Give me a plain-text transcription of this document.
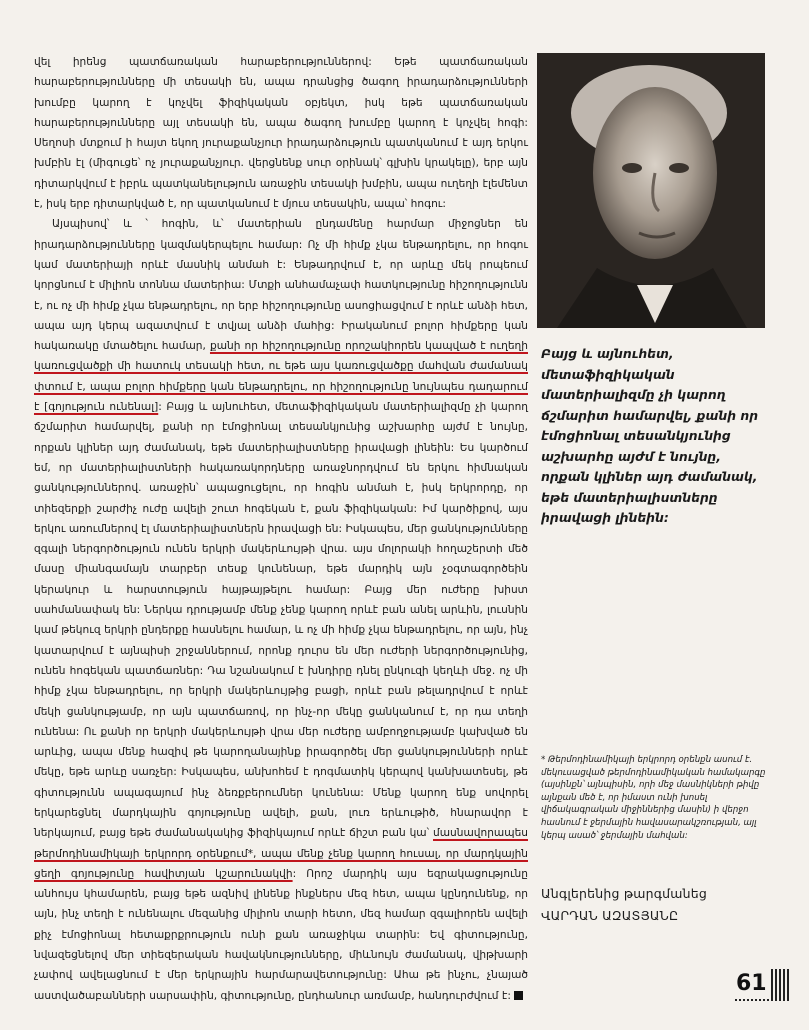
վել իրենց պատճառական հարաբերություններով: Եթե պատճառական հարաբերությունները մի տեսակի են, ապա դրանցից ծագող իրադարձությունների խումբը կարող է կոչվել ֆիզիկական օբյեկտ, իսկ եթե պատճառական հարաբերությունները այլ տեսակի են, ապա ծագող խումբը կարող է կոչվել հոգի: Սեղոսի մտքում ի հայտ եկող յուրաքանչյուր իրադարձություն պատկանում է այդ երկու խմբին էլ (միգուցե՝ ոչ յուրաքանչյուր. վերցնենք սուր օրինակ՝ գլխին կրակելը), երբ այն դիտարկվում է իբրև պատկանելություն առաջին տեսակի խմբին, ապա ուղեղի էլեմենտ է, իսկ երբ դիտարկված է, որ պատկանում է մյուս տեսակին, ապա՝ հոգու:

Այսպիսով՝ և ՝ հոգին, և՝ մատերիան ընդամենը հարմար միջոցներ են իրադարձությունները կազմակերպելու համար: Ոչ մի հիմք չկա ենթադրելու, որ հոգու կամ մատերիայի որևէ մասնիկ անմահ է: Ենթադրվում է, որ արևը մեկ րոպեում կորցնում է միլիոն տոննա մատերիա: Մտքի անհամաչափ հատկությունը հիշողությունն է, ու ոչ մի հիմք չկա ենթադրելու, որ երբ հիշողությունը ասոցիացվում է որևէ անձի հետ, ապա այդ կերպ ազատվում է տվյալ անձի մահից: Իրականում բոլոր հիմքերը կան հակառակը մտածելու համար, քանի որ հիշողությունը որոշակիորեն կապված է ուղեղի կառուցվածքի մի հատուկ տեսակի հետ, ու եթե այս կառուցվածքը մահվան ժամանակ փտում է, ապա բոլոր հիմքերը կան ենթադրելու, որ հիշողությունը նույնպես դադարում է [գոյություն ունենալ]: Բայց և այնուհետ, մետաֆիզիկական մատերիալիզմը չի կարող ճշմարիտ համարվել, քանի որ էմոցիոնալ տեսանկյունից աշխարհը այժմ է նույնը, որքան կլիներ այդ ժամանակ, եթե մատերիալիստները իրավացի լինեին: Ես կարծում եմ, որ մատերիալիստների հակառակորդները առաջնորդվում են երկու հիմնական ցանկություններով. առաջին՝ ապացուցելու, որ հոգին անմահ է, իսկ երկրորդը, որ տիեզերքի շարժիչ ուժը ավելի շուտ հոգեկան է, քան ֆիզիկական: Իմ կարծիքով, այս երկու առումներով էլ մատերիալիստներն իրավացի են: Իսկապես, մեր ցանկությունները զգալի ներգործություն ունեն երկրի մակերևույթի վրա. այս մոլորակի հողաշերտի մեծ մասը միանգամայն տարբեր տեսք կունենար, եթե մարդիկ այն չօգտագործեին կերակուր և հարստություն հայթայթելու համար: Բայց մեր ուժերը խիստ սահմանափակ են: Ներկա դրությամբ մենք չենք կարող որևէ բան անել արևին, լուսնին կամ թեկուզ երկրի ընդերքը հասնելու համար, և ոչ մի հիմք չկա ենթադրելու, որ այն, ինչ կատարվում է այնպիսի շրջաններում, որոնք դուրս են մեր ուժերի ներգործությունից, ունեն հոգեկան պատճառներ: Դա նշանակում է խնդիրը դնել ընկուզի կեղևի մեջ. ոչ մի հիմք չկա ենթադրելու, որ երկրի մակերևույթից բացի, որևէ բան թելադրվում է որևէ մեկի ցանկությամբ, որ այն պատճառով, որ ինչ-որ մեկը ցանկանում է, որ դա տեղի ունենա: Ու քանի որ երկրի մակերևույթի վրա մեր ուժերը ամբողջությամբ կախված են արևից, ապա մենք հազիվ թե կարողանայինք իրագործել մեր ցանկությունների որևէ մեկը, եթե արևը սառչեր: Իսկապես, անխոհեմ է դոգմատիկ կերպով կանխատեսել, թե գիտությունն ապագայում ինչ ձեռքբերումներ կունենա: Մենք կարող ենք սովորել երկարեցնել մարդկային գոյությունը ավելի, քան, լուռ երևութիծ, հնարավոր է ներկայում, բայց եթե ժամանակակից ֆիզիկայում որևէ ճիշտ բան կա՝ մասնավորապես թերմոդինամիկայի երկրորդ օրենքում*, ապա մենք չենք կարող հուսալ, որ մարդկային ցեղի գոյությունը հավիտյան կշարունակվի: Որոշ մարդիկ այս եզրակացությունը անհույս կհամարեն, բայց եթե ազնիվ լինենք ինքներս մեզ հետ, ապա կընդունենք, որ այն, ինչ տեղի է ունենալու մեզանից միլիոն տարի հետո, մեզ համար զգալիորեն ավելի քիչ էմոցիոնալ հետաքրքրություն ունի քան առաջիկա տարին: Եվ գիտությունը, նվազեցնելով մեր տիեզերական հավակնությունները, միևնույն ժամանակ, վիթխարի չափով ավելացնում է մեր երկրային հարմարավետությունը: Ահա թե ինչու, չնայած աստվածաբանների սարսափին, գիտությունը, ընդհանուր առմամբ, հանդուրժվում է:

Բայց և այնուհետ, մետաֆիզիկական մատերիալիզմը չի կարող ճշմարիտ համարվել, քանի որ էմոցիոնալ տեսանկյունից աշխարհը այժմ է նույնը, որքան կլիներ այդ ժամանակ, եթե մատերիալիստները իրավացի լինեին:
* Թերմոդինամիկայի երկրորդ օրենքն ասում է. մեկուսացված թերմոդինամիկական համակարգը (այսինքն՝ այնպիսին, որի մեջ մասնիկների թիվը այնքան մեծ է, որ իմաստ ունի խոսել վիճակագրական միջիններից մասին) ի վերջո հասնում է ջերմային հավասարակշռության, այլ կերպ ասած՝ ջերմային մահվան:
Անգլերենից թարգմանեց
ՎԱՐԴԱՆ ԱԶԱՏՅԱՆԸ
61
